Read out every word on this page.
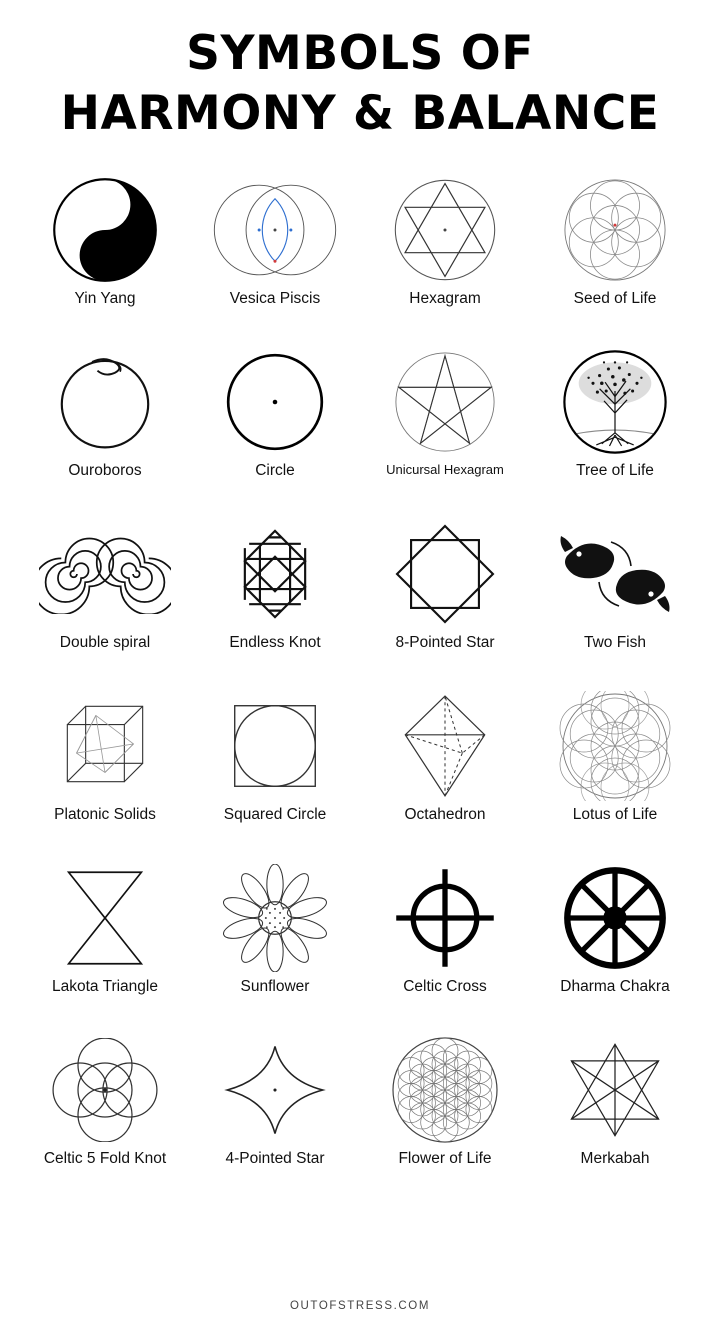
SYMBOLS OF
HARMONY & BALANCE
Yin Yang	Vesica Piscis	Hexagram	Seed of Life
Ouroboros	Circle	Unicursal Hexagram	Tree of Life
Double spiral	Endless Knot	8-Pointed Star	Two Fish
Platonic Solids	Squared Circle	Octahedron	Lotus of Life
Lakota Triangle	Sunflower	Celtic Cross	Dharma Chakra
Celtic 5 Fold Knot	4-Pointed Star	Flower of Life	Merkabah
OUTOFSTRESS.COM
